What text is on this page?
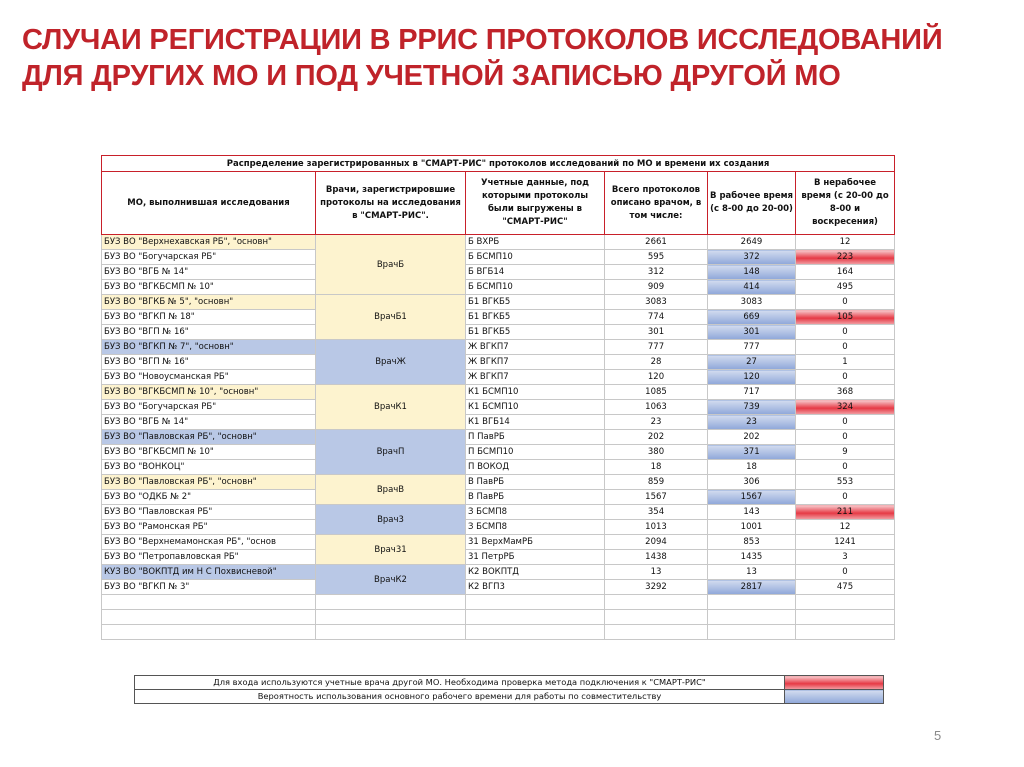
СЛУЧАИ РЕГИСТРАЦИИ В РРИС ПРОТОКОЛОВ ИССЛЕДОВАНИЙ
ДЛЯ ДРУГИХ МО И ПОД УЧЕТНОЙ ЗАПИСЬЮ ДРУГОЙ МО
Распределение зарегистрированных в "СМАРТ-РИС" протоколов исследований по МО и времени их создания					
МО, выполнившая исследования	Врачи, зарегистрировшие протоколы на исследования в "СМАРТ-РИС".	Учетные данные, под которыми протоколы были выгружены в "СМАРТ-РИС"	Всего протоколов описано врачом, в том числе:	В рабочее время (с 8-00 до 20-00)	В нерабочее время (с 20-00 до 8-00 и воскресения)
БУЗ ВО "Верхнехавская РБ", "основн"	ВрачБ	Б ВХРБ	2661	2649	12
БУЗ ВО "Богучарская РБ"		Б БСМП10	595	372	223
БУЗ ВО "ВГБ № 14"		Б ВГБ14	312	148	164
БУЗ ВО "ВГКБСМП № 10"		Б БСМП10	909	414	495
БУЗ ВО "ВГКБ № 5", "основн"	ВрачБ1	Б1 ВГКБ5	3083	3083	0
БУЗ ВО "ВГКП № 18"		Б1 ВГКБ5	774	669	105
БУЗ ВО "ВГП № 16"		Б1 ВГКБ5	301	301	0
БУЗ ВО "ВГКП № 7", "основн"	ВрачЖ	Ж ВГКП7	777	777	0
БУЗ ВО "ВГП № 16"		Ж ВГКП7	28	27	1
БУЗ ВО "Новоусманская РБ"		Ж ВГКП7	120	120	0
БУЗ ВО "ВГКБСМП № 10", "основн"	ВрачК1	К1 БСМП10	1085	717	368
БУЗ ВО "Богучарская РБ"		К1 БСМП10	1063	739	324
БУЗ ВО "ВГБ № 14"		К1 ВГБ14	23	23	0
БУЗ ВО "Павловская РБ", "основн"	ВрачП	П ПавРБ	202	202	0
БУЗ ВО "ВГКБСМП № 10"		П БСМП10	380	371	9
БУЗ ВО "ВОНКОЦ"		П ВОКОД	18	18	0
БУЗ ВО "Павловская РБ", "основн"	ВрачВ	В ПавРБ	859	306	553
БУЗ ВО "ОДКБ № 2"		В ПавРБ	1567	1567	0
БУЗ ВО "Павловская РБ"	Врач3	З БСМП8	354	143	211
БУЗ ВО "Рамонская РБ"		З БСМП8	1013	1001	12
БУЗ ВО "Верхнемамонская РБ", "основ	Врач31	31 ВерхМамРБ	2094	853	1241
БУЗ ВО "Петропавловская РБ"		31 ПетрРБ	1438	1435	3
КУЗ ВО "ВОКПТД им Н С Похвисневой"	ВрачК2	К2 ВОКПТД	13	13	0
БУЗ ВО "ВГКП № 3"		К2 ВГП3	3292	2817	475

Для входа используются учетные врача другой МО. Необходима проверка метода подключения к "СМАРТ-РИС"	
Вероятность использования основного рабочего времени для работы по совместительству	
5
